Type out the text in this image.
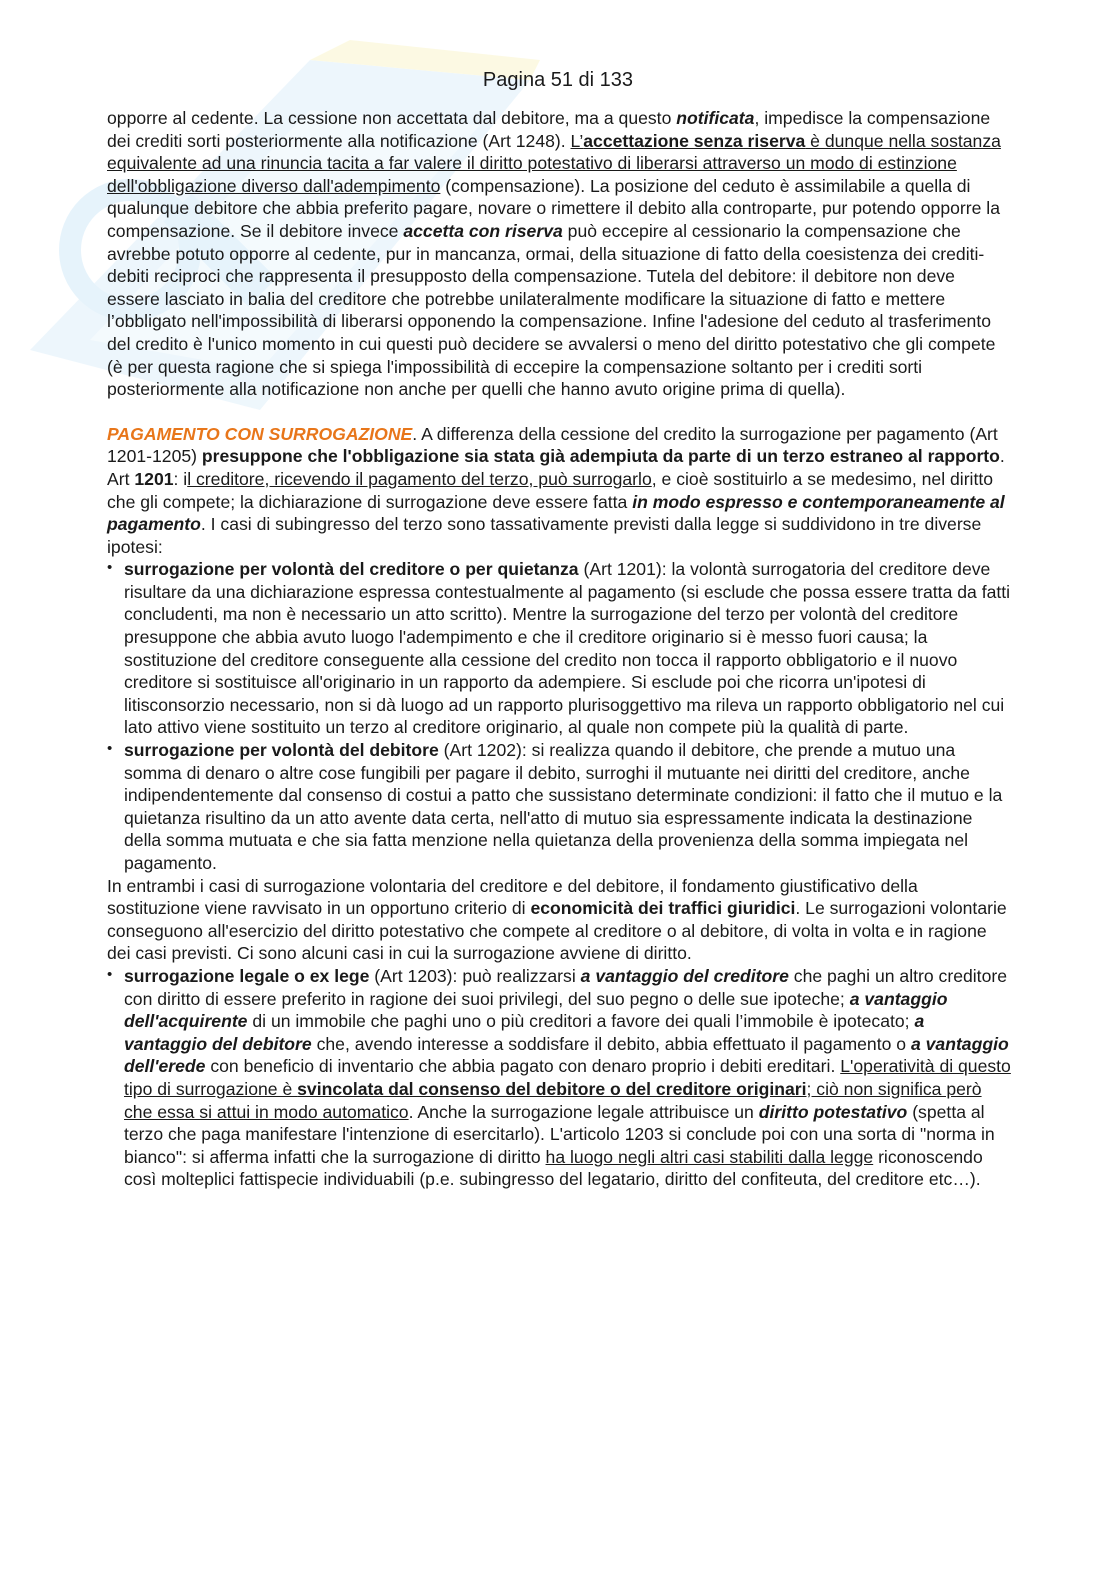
Pagina 51 di 133

opporre al cedente. La cessione non accettata dal debitore, ma a questo notificata, impedisce la compensazione dei crediti sorti posteriormente alla notificazione (Art 1248). L’accettazione senza riserva è dunque nella sostanza equivalente ad una rinuncia tacita a far valere il diritto potestativo di liberarsi attraverso un modo di estinzione dell'obbligazione diverso dall'adempimento (compensazione). La posizione del ceduto è assimilabile a quella di qualunque debitore che abbia preferito pagare, novare o rimettere il debito alla controparte, pur potendo opporre la compensazione. Se il debitore invece accetta con riserva può eccepire al cessionario la compensazione che avrebbe potuto opporre al cedente, pur in mancanza, ormai, della situazione di fatto della coesistenza dei crediti-debiti reciproci che rappresenta il presupposto della compensazione. Tutela del debitore: il debitore non deve essere lasciato in balia del creditore che potrebbe unilateralmente modificare la situazione di fatto e mettere l’obbligato nell'impossibilità di liberarsi opponendo la compensazione. Infine l'adesione del ceduto al trasferimento del credito è l'unico momento in cui questi può decidere se avvalersi o meno del diritto potestativo che gli compete (è per questa ragione che si spiega l'impossibilità di eccepire la compensazione soltanto per i crediti sorti posteriormente alla notificazione non anche per quelli che hanno avuto origine prima di quella).

PAGAMENTO CON SURROGAZIONE. A differenza della cessione del credito la surrogazione per pagamento (Art 1201-1205) presuppone che l'obbligazione sia stata già adempiuta da parte di un terzo estraneo al rapporto. Art 1201: il creditore, ricevendo il pagamento del terzo, può surrogarlo, e cioè sostituirlo a se medesimo, nel diritto che gli compete; la dichiarazione di surrogazione deve essere fatta in modo espresso e contemporaneamente al pagamento. I casi di subingresso del terzo sono tassativamente previsti dalla legge si suddividono in tre diverse ipotesi:

• surrogazione per volontà del creditore o per quietanza (Art 1201): la volontà surrogatoria del creditore deve risultare da una dichiarazione espressa contestualmente al pagamento (si esclude che possa essere tratta da fatti concludenti, ma non è necessario un atto scritto). Mentre la surrogazione del terzo per volontà del creditore presuppone che abbia avuto luogo l'adempimento e che il creditore originario si è messo fuori causa; la sostituzione del creditore conseguente alla cessione del credito non tocca il rapporto obbligatorio e il nuovo creditore si sostituisce all'originario in un rapporto da adempiere. Si esclude poi che ricorra un'ipotesi di litisconsorzio necessario, non si dà luogo ad un rapporto plurisoggettivo ma rileva un rapporto obbligatorio nel cui lato attivo viene sostituito un terzo al creditore originario, al quale non compete più la qualità di parte.
• surrogazione per volontà del debitore (Art 1202): si realizza quando il debitore, che prende a mutuo una somma di denaro o altre cose fungibili per pagare il debito, surroghi il mutuante nei diritti del creditore, anche indipendentemente dal consenso di costui a patto che sussistano determinate condizioni: il fatto che il mutuo e la quietanza risultino da un atto avente data certa, nell'atto di mutuo sia espressamente indicata la destinazione della somma mutuata e che sia fatta menzione nella quietanza della provenienza della somma impiegata nel pagamento.

In entrambi i casi di surrogazione volontaria del creditore e del debitore, il fondamento giustificativo della sostituzione viene ravvisato in un opportuno criterio di economicità dei traffici giuridici. Le surrogazioni volontarie conseguono all'esercizio del diritto potestativo che compete al creditore o al debitore, di volta in volta e in ragione dei casi previsti. Ci sono alcuni casi in cui la surrogazione avviene di diritto.

• surrogazione legale o ex lege (Art 1203): può realizzarsi a vantaggio del creditore che paghi un altro creditore con diritto di essere preferito in ragione dei suoi privilegi, del suo pegno o delle sue ipoteche; a vantaggio dell'acquirente di un immobile che paghi uno o più creditori a favore dei quali l’immobile è ipotecato; a vantaggio del debitore che, avendo interesse a soddisfare il debito, abbia effettuato il pagamento o a vantaggio dell'erede con beneficio di inventario che abbia pagato con denaro proprio i debiti ereditari. L'operatività di questo tipo di surrogazione è svincolata dal consenso del debitore o del creditore originari; ciò non significa però che essa si attui in modo automatico. Anche la surrogazione legale attribuisce un diritto potestativo (spetta al terzo che paga manifestare l'intenzione di esercitarlo). L'articolo 1203 si conclude poi con una sorta di "norma in bianco": si afferma infatti che la surrogazione di diritto ha luogo negli altri casi stabiliti dalla legge riconoscendo così molteplici fattispecie individuabili (p.e. subingresso del legatario, diritto del confiteuta, del creditore etc…).
